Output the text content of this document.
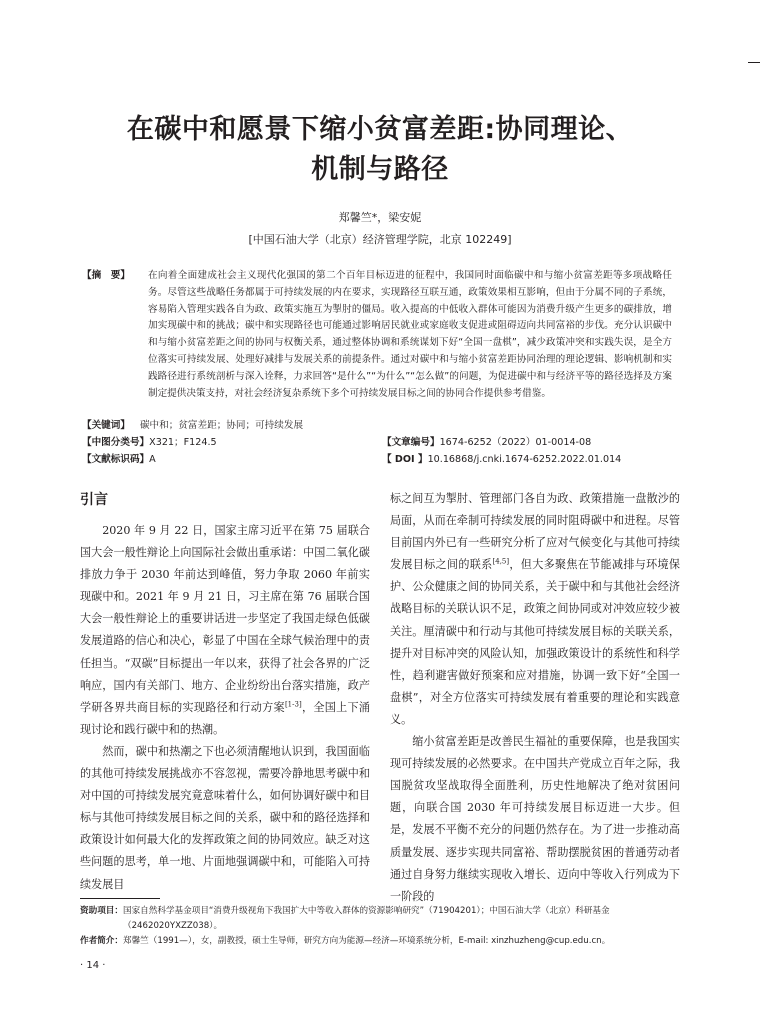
在碳中和愿景下缩小贫富差距:协同理论、
机制与路径
郑馨竺*，梁安妮
[中国石油大学（北京）经济管理学院，北京 102249]
【摘　要】	在向着全面建成社会主义现代化强国的第二个百年目标迈进的征程中，我国同时面临碳中和与缩小贫富差距等多项战略任务。尽管这些战略任务都属于可持续发展的内在要求，实现路径互联互通，政策效果相互影响，但由于分属不同的子系统，容易陷入管理实践各自为政、政策实施互为掣肘的僵局。收入提高的中低收入群体可能因为消费升级产生更多的碳排放，增加实现碳中和的挑战；碳中和实现路径也可能通过影响居民就业或家庭收支促进或阻碍迈向共同富裕的步伐。充分认识碳中和与缩小贫富差距之间的协同与权衡关系，通过整体协调和系统谋划下好“全国一盘棋”，减少政策冲突和实践失误，是全方位落实可持续发展、处理好减排与发展关系的前提条件。通过对碳中和与缩小贫富差距协同治理的理论逻辑、影响机制和实践路径进行系统剖析与深入诠释，力求回答“是什么”“为什么”“怎么做”的问题，为促进碳中和与经济平等的路径选择及方案制定提供决策支持，对社会经济复杂系统下多个可持续发展目标之间的协同合作提供参考借鉴。
【关键词】 碳中和；贫富差距；协同；可持续发展
【中图分类号】X321；F124.5
【文献标识码】A
【文章编号】1674-6252（2022）01-0014-08
【 DOI 】10.16868/j.cnki.1674-6252.2022.01.014
引言

2020 年 9 月 22 日，国家主席习近平在第 75 届联合国大会一般性辩论上向国际社会做出重承诺：中国二氧化碳排放力争于 2030 年前达到峰值，努力争取 2060 年前实现碳中和。2021 年 9 月 21 日，习主席在第 76 届联合国大会一般性辩论上的重要讲话进一步坚定了我国走绿色低碳发展道路的信心和决心，彰显了中国在全球气候治理中的责任担当。“双碳”目标提出一年以来，获得了社会各界的广泛响应，国内有关部门、地方、企业纷纷出台落实措施，政产学研各界共商目标的实现路径和行动方案[1-3]，全国上下涌现讨论和践行碳中和的热潮。

然而，碳中和热潮之下也必须清醒地认识到，我国面临的其他可持续发展挑战亦不容忽视，需要冷静地思考碳中和对中国的可持续发展究竟意味着什么，如何协调好碳中和目标与其他可持续发展目标之间的关系，碳中和的路径选择和政策设计如何最大化的发挥政策之间的协同效应。缺乏对这些问题的思考，单一地、片面地强调碳中和，可能陷入可持续发展目

标之间互为掣肘、管理部门各自为政、政策措施一盘散沙的局面，从而在牵制可持续发展的同时阻碍碳中和进程。尽管目前国内外已有一些研究分析了应对气候变化与其他可持续发展目标之间的联系[4,5]，但大多聚焦在节能减排与环境保护、公众健康之间的协同关系，关于碳中和与其他社会经济战略目标的关联认识不足，政策之间协同或对冲效应较少被关注。厘清碳中和行动与其他可持续发展目标的关联关系，提升对目标冲突的风险认知，加强政策设计的系统性和科学性，趋利避害做好预案和应对措施，协调一致下好“全国一盘棋”，对全方位落实可持续发展有着重要的理论和实践意义。

缩小贫富差距是改善民生福祉的重要保障，也是我国实现可持续发展的必然要求。在中国共产党成立百年之际，我国脱贫攻坚战取得全面胜利，历史性地解决了绝对贫困问题，向联合国 2030 年可持续发展目标迈进一大步。但是，发展不平衡不充分的问题仍然存在。为了进一步推动高质量发展、逐步实现共同富裕、帮助摆脱贫困的普通劳动者通过自身努力继续实现收入增长、迈向中等收入行列成为下一阶段的

资助项目： 国家自然科学基金项目“消费升级视角下我国扩大中等收入群体的资源影响研究”（71904201）；中国石油大学（北京）科研基金（2462020YXZZ038）。
作者简介： 郑馨竺（1991—），女，副教授，硕士生导师，研究方向为能源—经济—环境系统分析，E-mail: xinzhuzheng@cup.edu.cn。
· 14 ·
